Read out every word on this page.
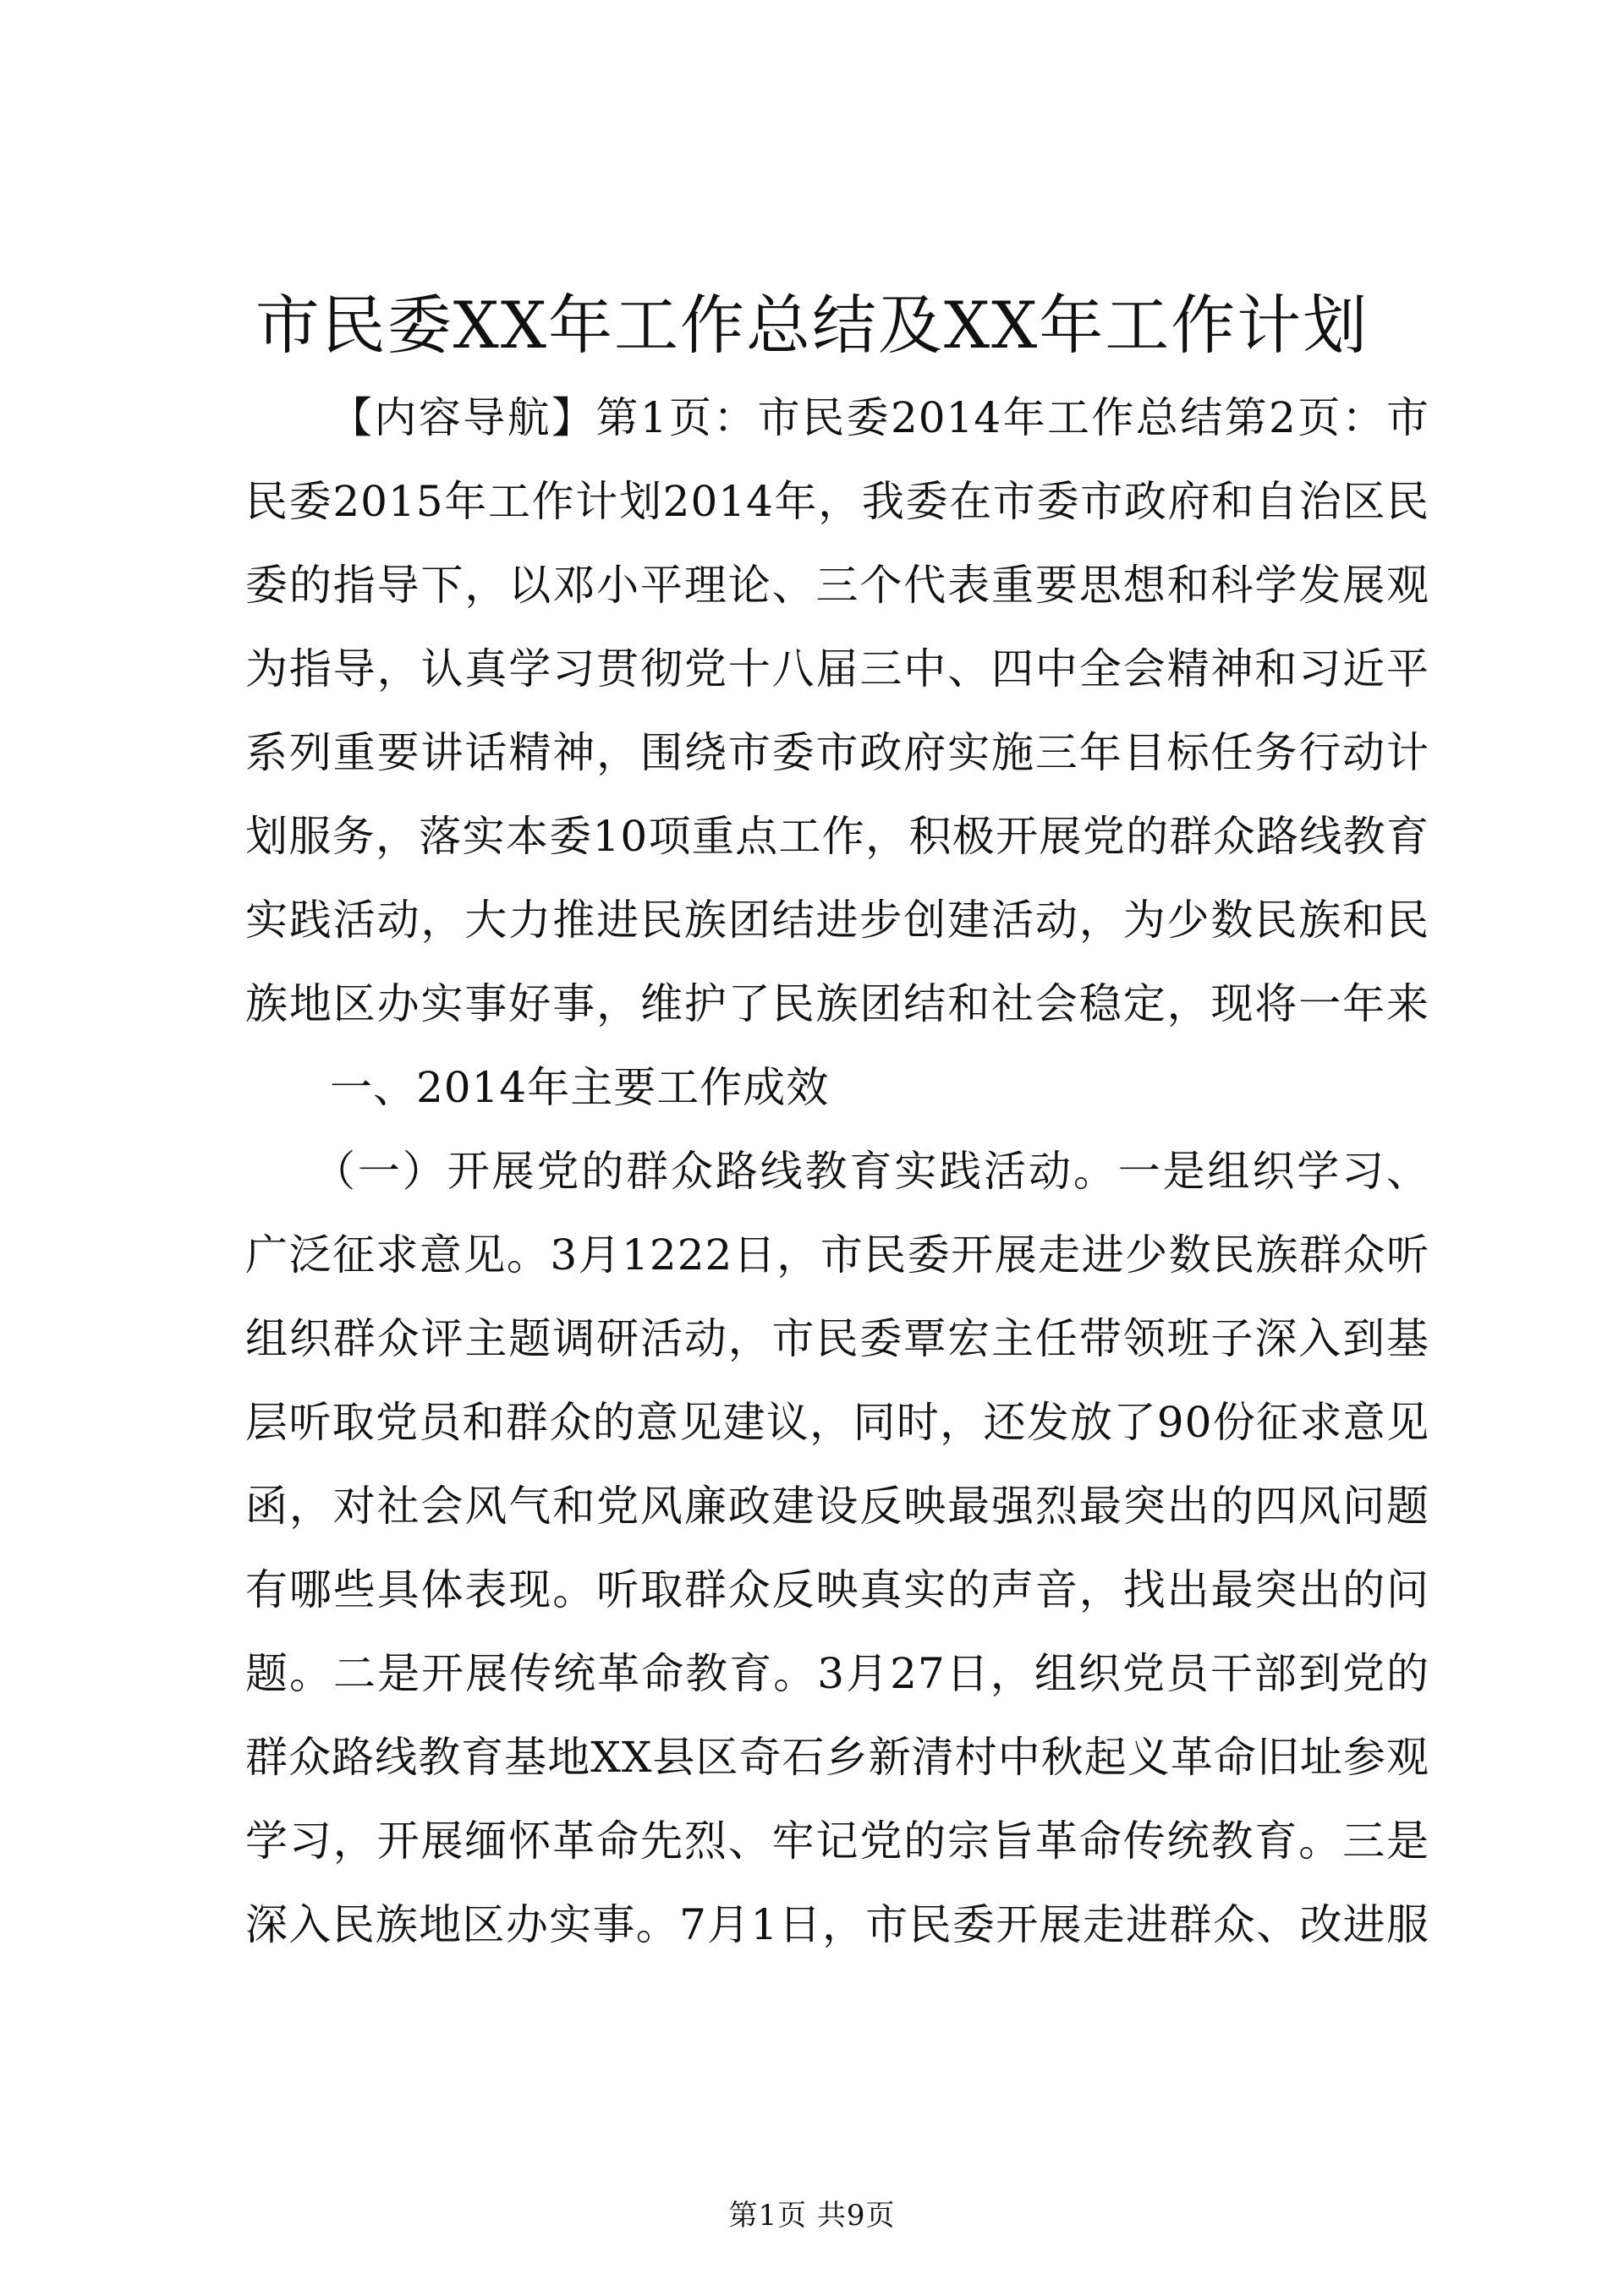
市民委XX年工作总结及XX年工作计划

【内容导航】第1页：市民委2014年工作总结第2页：市民委2015年工作计划2014年，我委在市委市政府和自治区民委的指导下，以邓小平理论、三个代表重要思想和科学发展观为指导，认真学习贯彻党十八届三中、四中全会精神和习近平系列重要讲话精神，围绕市委市政府实施三年目标任务行动计划服务，落实本委10项重点工作，积极开展党的群众路线教育实践活动，大力推进民族团结进步创建活动，为少数民族和民族地区办实事好事，维护了民族团结和社会稳定，现将一年来

一、2014年主要工作成效

（一）开展党的群众路线教育实践活动。一是组织学习、广泛征求意见。3月1222日，市民委开展走进少数民族群众听组织群众评主题调研活动，市民委覃宏主任带领班子深入到基层听取党员和群众的意见建议，同时，还发放了90份征求意见函，对社会风气和党风廉政建设反映最强烈最突出的四风问题有哪些具体表现。听取群众反映真实的声音，找出最突出的问题。二是开展传统革命教育。3月27日，组织党员干部到党的群众路线教育基地XX县区奇石乡新清村中秋起义革命旧址参观学习，开展缅怀革命先烈、牢记党的宗旨革命传统教育。三是深入民族地区办实事。7月1日，市民委开展走进群众、改进服

第1页 共9页
